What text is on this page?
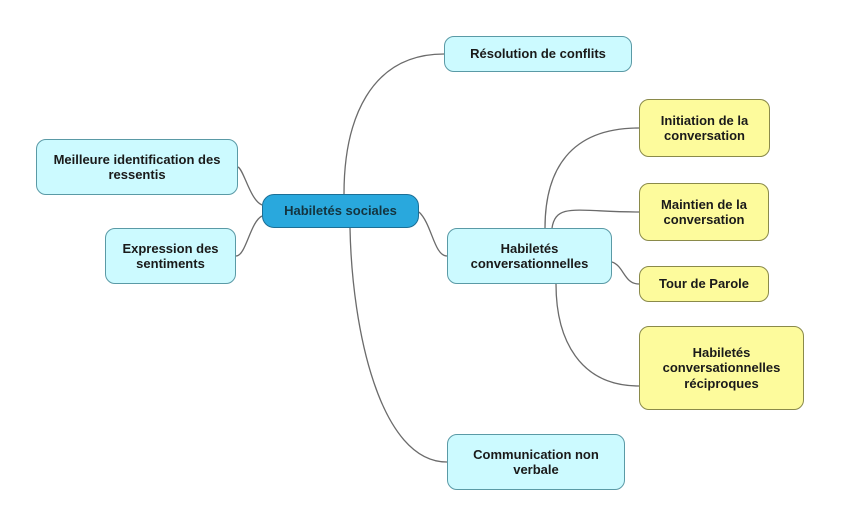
Habiletés sociales
Résolution de conflits
Meilleure identification des ressentis
Expression des sentiments
Habiletés conversationnelles
Communication non verbale
Initiation de la conversation
Maintien de la conversation
Tour de Parole
Habiletés conversationnelles réciproques
